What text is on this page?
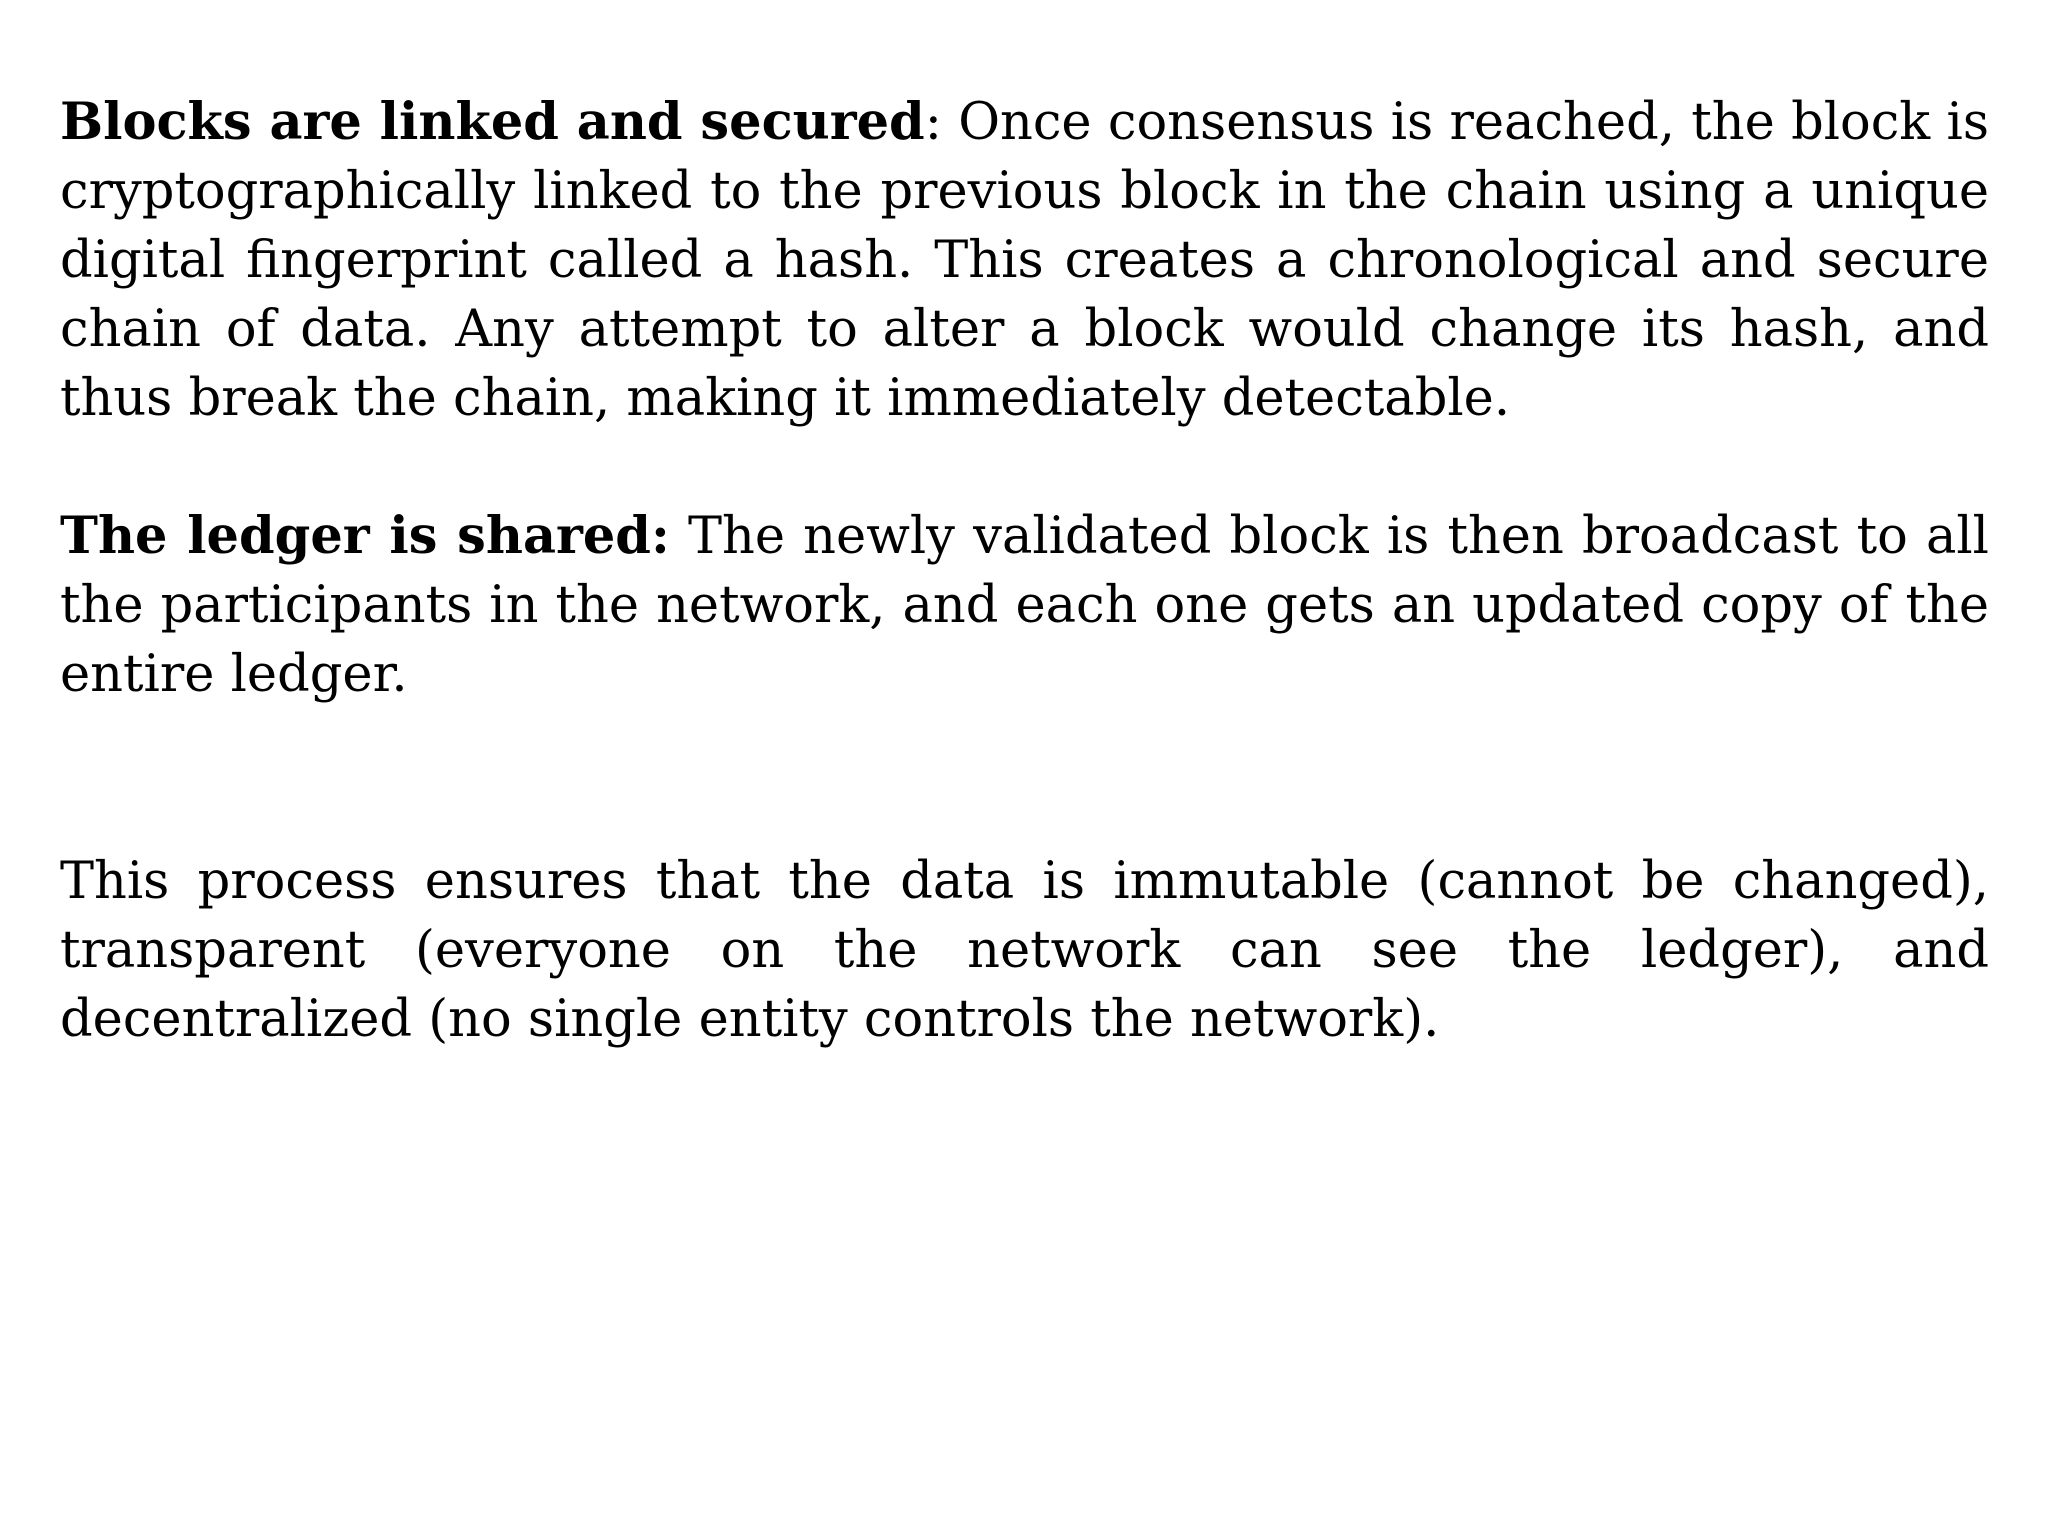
Blocks are linked and secured: Once consensus is reached, the block is cryptographically linked to the previous block in the chain using a unique digital fingerprint called a hash. This creates a chronological and secure chain of data. Any attempt to alter a block would change its hash, and thus break the chain, making it immediately detectable.

The ledger is shared: The newly validated block is then broadcast to all the participants in the network, and each one gets an updated copy of the entire ledger.

This process ensures that the data is immutable (cannot be changed), transparent (everyone on the network can see the ledger), and decentralized (no single entity controls the network).
